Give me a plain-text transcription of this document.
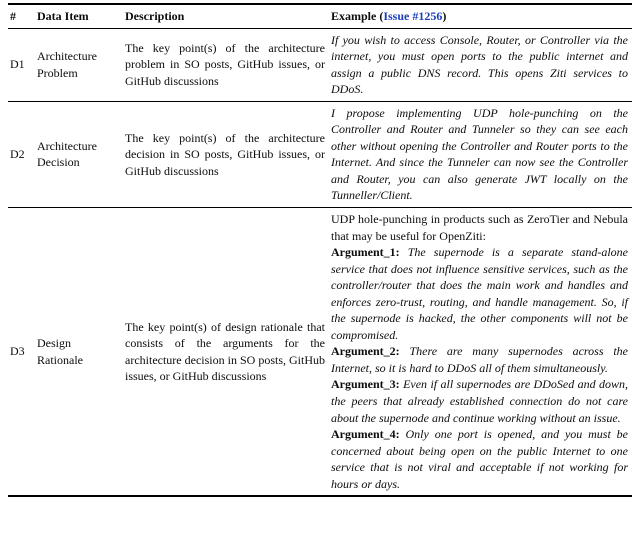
#	Data Item	Description	Example (Issue #1256)
D1	Architecture Problem	The key point(s) of the architecture problem in SO posts, GitHub issues, or GitHub discussions	If you wish to access Console, Router, or Controller via the internet, you must open ports to the public internet and assign a public DNS record. This opens Ziti services to DDoS.
D2	Architecture Decision	The key point(s) of the architecture decision in SO posts, GitHub issues, or GitHub discussions	I propose implementing UDP hole-punching on the Controller and Router and Tunneler so they can see each other without opening the Controller and Router ports to the Internet. And since the Tunneler can now see the Controller and Router, you can also generate JWT locally on the Tunneller/Client.
D3	Design Rationale	The key point(s) of design rationale that consists of the arguments for the architecture decision in SO posts, GitHub issues, or GitHub discussions	UDP hole-punching in products such as ZeroTier and Nebula that may be useful for OpenZiti:
Argument_1: The supernode is a separate stand-alone service that does not influence sensitive services, such as the controller/router that does the main work and handles and enforces zero-trust, routing, and handle management. So, if the supernode is hacked, the other components will not be compromised.
Argument_2: There are many supernodes across the Internet, so it is hard to DDoS all of them simultaneously.
Argument_3: Even if all supernodes are DDoSed and down, the peers that already established connection do not care about the supernode and continue working without an issue.
Argument_4: Only one port is opened, and you must be concerned about being open on the public Internet to one service that is not viral and acceptable if not working for hours or days.
